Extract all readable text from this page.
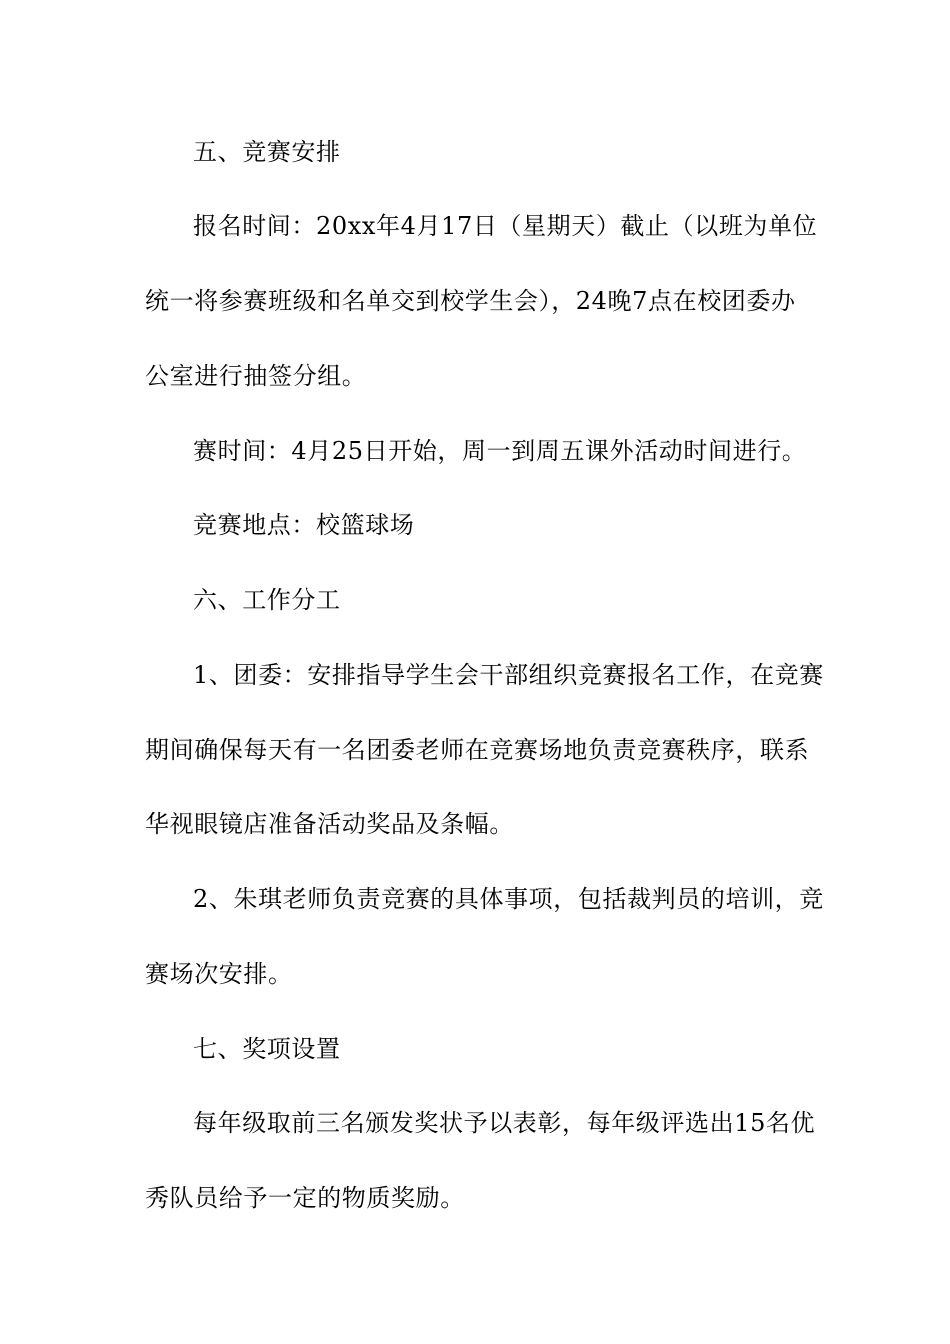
五、竞赛安排
报名时间：20xx年4月17日（星期天）截止（以班为单位
统一将参赛班级和名单交到校学生会），24晚7点在校团委办
公室进行抽签分组。
赛时间：4月25日开始，周一到周五课外活动时间进行。
竞赛地点：校篮球场
六、工作分工
1、团委：安排指导学生会干部组织竞赛报名工作，在竞赛
期间确保每天有一名团委老师在竞赛场地负责竞赛秩序，联系
华视眼镜店准备活动奖品及条幅。
2、朱琪老师负责竞赛的具体事项，包括裁判员的培训，竞
赛场次安排。
七、奖项设置
每年级取前三名颁发奖状予以表彰，每年级评选出15名优
秀队员给予一定的物质奖励。
